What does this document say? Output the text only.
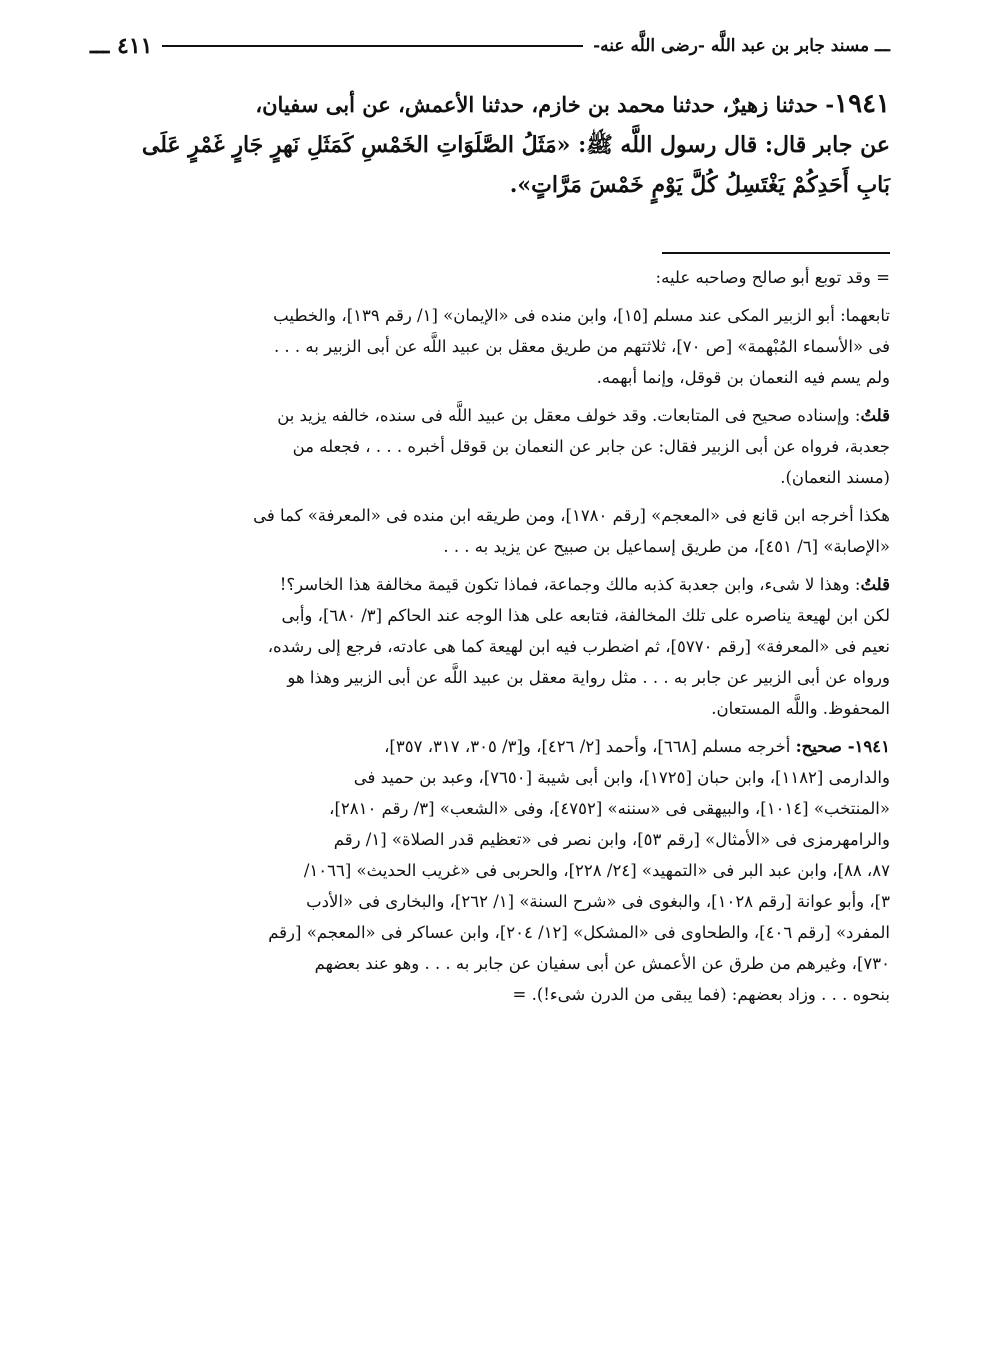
ـــ مسند جابر بن عبد اللَّه -رضى اللَّه عنه-
٤١١ ـــ
١٩٤١- حدثنا زهيرٌ، حدثنا محمد بن خازم، حدثنا الأعمش، عن أبى سفيان،
عن جابر قال: قال رسول اللَّه ﷺ: «مَثَلُ الصَّلَوَاتِ الخَمْسِ كَمَثَلِ نَهرٍ جَارٍ غَمْرٍ عَلَى
بَابِ أَحَدِكُمْ يَغْتَسِلُ كُلَّ يَوْمٍ خَمْسَ مَرَّاتٍ».
= وقد توبع أبو صالح وصاحبه عليه:
تابعهما: أبو الزبير المكى عند مسلم [١٥]، وابن منده فى «الإيمان» [١/ رقم ١٣٩]، والخطيب
فى «الأسماء المُبْهمة» [ص ٧٠]، ثلاثتهم من طريق معقل بن عبيد اللَّه عن أبى الزبير به . . .
ولم يسم فيه النعمان بن قوقل، وإنما أبهمه.
قلتُ: وإسناده صحيح فى المتابعات. وقد خولف معقل بن عبيد اللَّه فى سنده، خالفه يزيد بن
جعدبة، فرواه عن أبى الزبير فقال: عن جابر عن النعمان بن قوقل أخبره . . . ، فجعله من
(مسند النعمان).
هكذا أخرجه ابن قانع فى «المعجم» [رقم ١٧٨٠]، ومن طريقه ابن منده فى «المعرفة» كما فى
«الإصابة» [٦/ ٤٥١]، من طريق إسماعيل بن صبيح عن يزيد به . . .
قلتُ: وهذا لا شىء، وابن جعدبة كذبه مالك وجماعة، فماذا تكون قيمة مخالفة هذا الخاسر؟!
لكن ابن لهيعة يناصره على تلك المخالفة، فتابعه على هذا الوجه عند الحاكم [٣/ ٦٨٠]، وأبى
نعيم فى «المعرفة» [رقم ٥٧٧٠]، ثم اضطرب فيه ابن لهيعة كما هى عادته، فرجع إلى رشده،
ورواه عن أبى الزبير عن جابر به . . . مثل رواية معقل بن عبيد اللَّه عن أبى الزبير وهذا هو
المحفوظ. واللَّه المستعان.
١٩٤١- صحيح: أخرجه مسلم [٦٦٨]، وأحمد [٢/ ٤٢٦]، و[٣/ ٣٠٥، ٣١٧، ٣٥٧]،
والدارمى [١١٨٢]، وابن حبان [١٧٢٥]، وابن أبى شيبة [٧٦٥٠]، وعبد بن حميد فى
«المنتخب» [١٠١٤]، والبيهقى فى «سننه» [٤٧٥٢]، وفى «الشعب» [٣/ رقم ٢٨١٠]،
والرامهرمزى فى «الأمثال» [رقم ٥٣]، وابن نصر فى «تعظيم قدر الصلاة» [١/ رقم
٨٧، ٨٨]، وابن عبد البر فى «التمهيد» [٢٤/ ٢٢٨]، والحربى فى «غريب الحديث» [١٠٦٦/
٣]، وأبو عوانة [رقم ١٠٢٨]، والبغوى فى «شرح السنة» [١/ ٢٦٢]، والبخارى فى «الأدب
المفرد» [رقم ٤٠٦]، والطحاوى فى «المشكل» [١٢/ ٢٠٤]، وابن عساكر فى «المعجم» [رقم
٧٣٠]، وغيرهم من طرق عن الأعمش عن أبى سفيان عن جابر به . . . وهو عند بعضهم
بنحوه . . . وزاد بعضهم: (فما يبقى من الدرن شىء!). =
